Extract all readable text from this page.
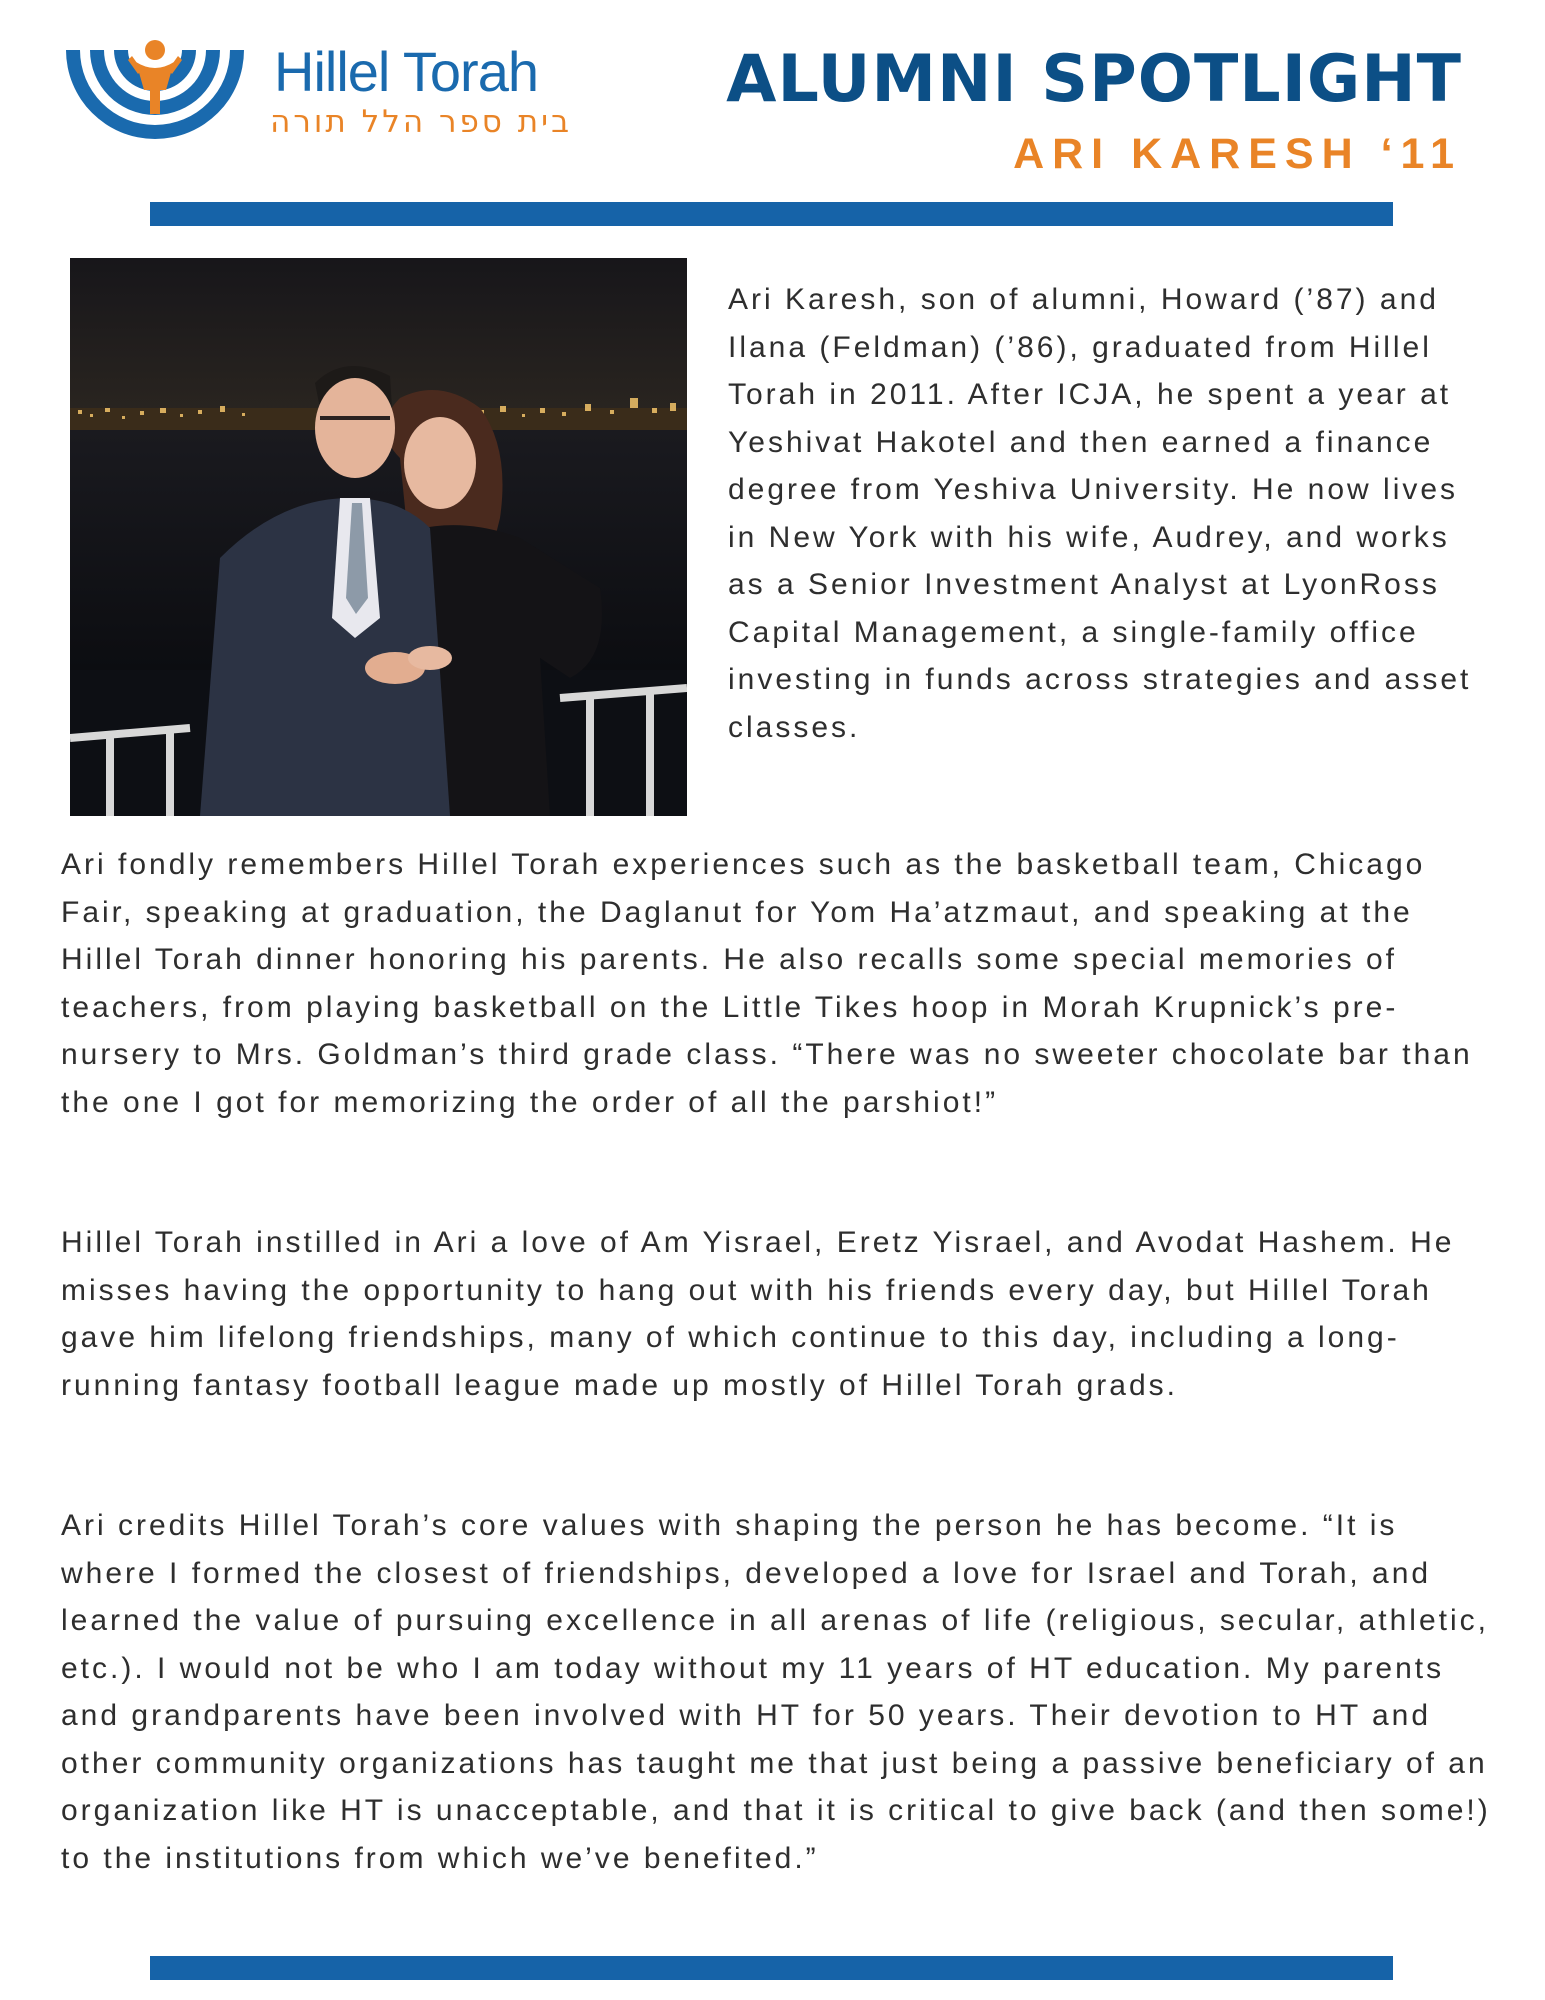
Hillel Torah
בית ספר הלל תורה
ALUMNI SPOTLIGHT
ARI KARESH ‘11

Ari Karesh, son of alumni, Howard (’87) and Ilana (Feldman) (’86), graduated from Hillel Torah in 2011. After ICJA, he spent a year at Yeshivat Hakotel and then earned a finance degree from Yeshiva University. He now lives in New York with his wife, Audrey, and works as a Senior Investment Analyst at LyonRoss Capital Management, a single-family office investing in funds across strategies and asset classes.

Ari fondly remembers Hillel Torah experiences such as the basketball team, Chicago Fair, speaking at graduation, the Daglanut for Yom Ha’atzmaut, and speaking at the Hillel Torah dinner honoring his parents. He also recalls some special memories of teachers, from playing basketball on the Little Tikes hoop in Morah Krupnick’s pre-nursery to Mrs. Goldman’s third grade class. “There was no sweeter chocolate bar than the one I got for memorizing the order of all the parshiot!”

Hillel Torah instilled in Ari a love of Am Yisrael, Eretz Yisrael, and Avodat Hashem. He misses having the opportunity to hang out with his friends every day, but Hillel Torah gave him lifelong friendships, many of which continue to this day, including a long-running fantasy football league made up mostly of Hillel Torah grads.

Ari credits Hillel Torah’s core values with shaping the person he has become. “It is where I formed the closest of friendships, developed a love for Israel and Torah, and learned the value of pursuing excellence in all arenas of life (religious, secular, athletic, etc.). I would not be who I am today without my 11 years of HT education. My parents and grandparents have been involved with HT for 50 years. Their devotion to HT and other community organizations has taught me that just being a passive beneficiary of an organization like HT is unacceptable, and that it is critical to give back (and then some!) to the institutions from which we’ve benefited.”
